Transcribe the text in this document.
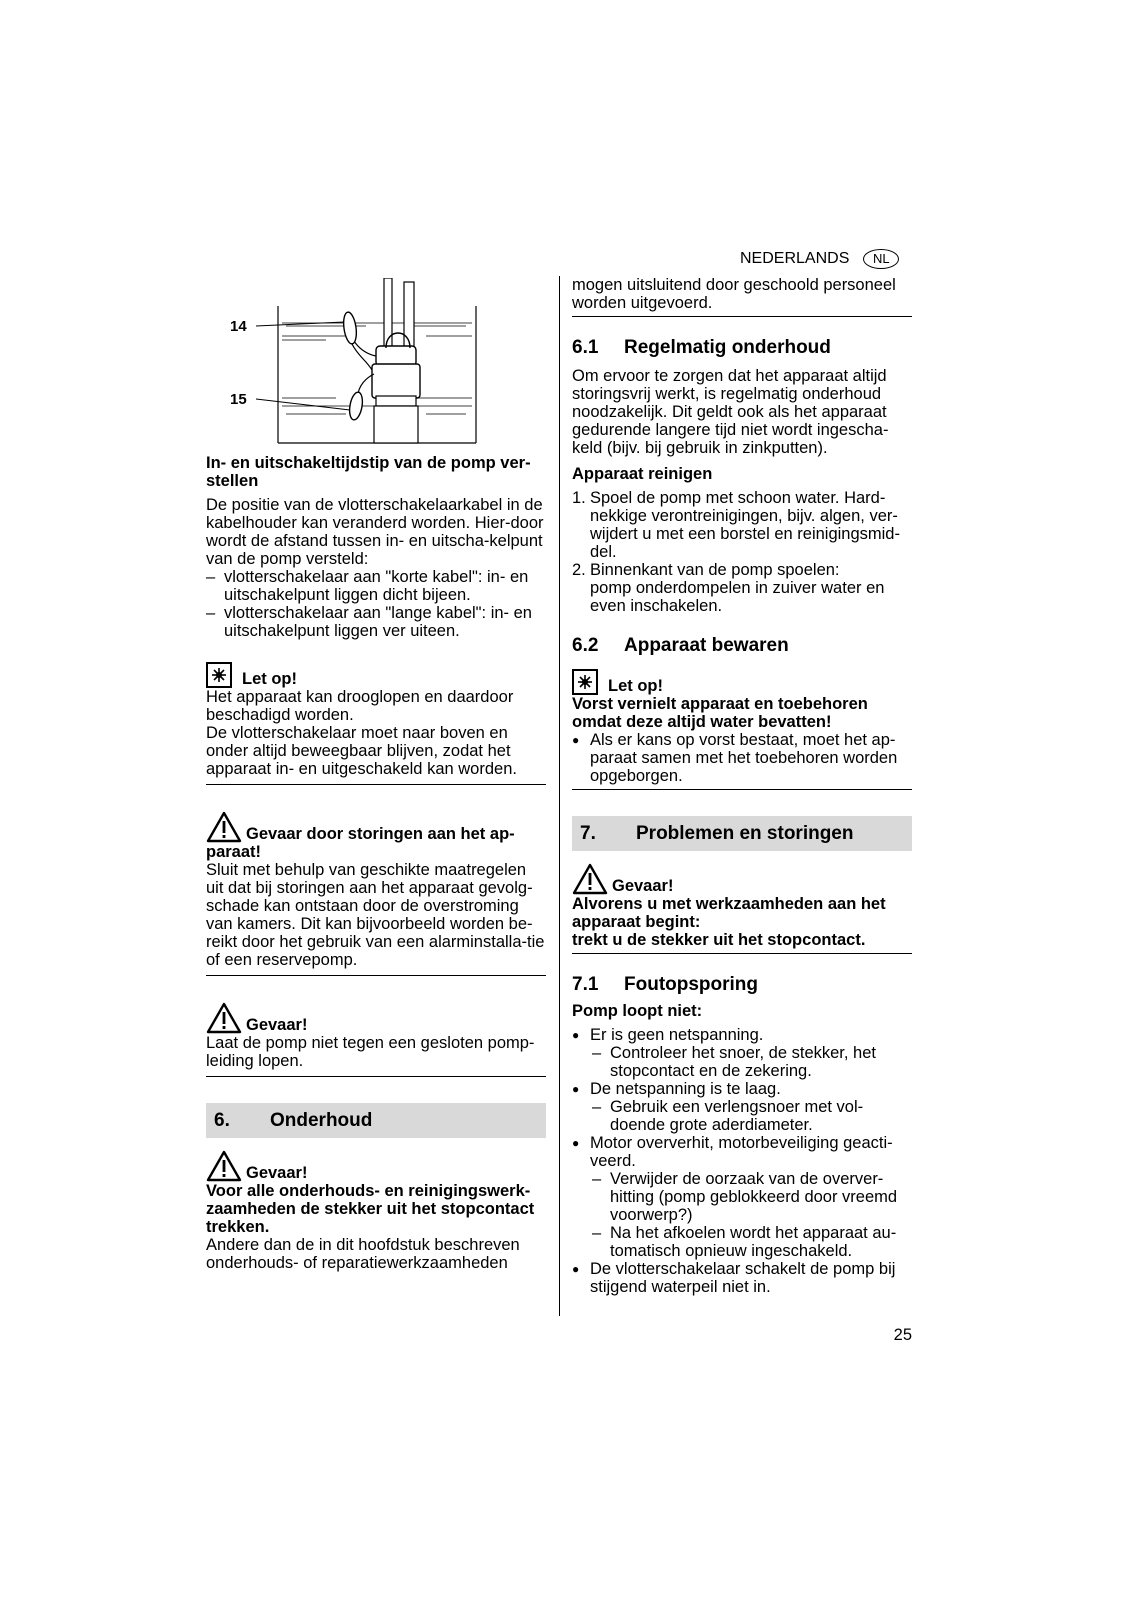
NEDERLANDS	NL
14
15
In- en uitschakeltijdstip van de pomp ver-
stellen
De positie van de vlotterschakelaarkabel in de kabelhouder kan veranderd worden. Hier-door wordt de afstand tussen in- en uitscha-kelpunt van de pomp versteld:
– vlotterschakelaar aan "korte kabel": in- en uitschakelpunt liggen dicht bijeen.
– vlotterschakelaar aan "lange kabel": in- en uitschakelpunt liggen ver uiteen.
Let op!
Het apparaat kan drooglopen en daardoor beschadigd worden.
De vlotterschakelaar moet naar boven en onder altijd beweegbaar blijven, zodat het apparaat in- en uitgeschakeld kan worden.
Gevaar door storingen aan het ap-paraat!
Sluit met behulp van geschikte maatregelen uit dat bij storingen aan het apparaat gevolg-schade kan ontstaan door de overstroming van kamers. Dit kan bijvoorbeeld worden be-reikt door het gebruik van een alarminstalla-tie of een reservepomp.
Gevaar!
Laat de pomp niet tegen een gesloten pomp-leiding lopen.
6.	Onderhoud
Gevaar!
Voor alle onderhouds- en reinigingswerk-zaamheden de stekker uit het stopcontact trekken.
Andere dan de in dit hoofdstuk beschreven onderhouds- of reparatiewerkzaamheden
mogen uitsluitend door geschoold personeel worden uitgevoerd.
6.1	Regelmatig onderhoud
Om ervoor te zorgen dat het apparaat altijd storingsvrij werkt, is regelmatig onderhoud noodzakelijk. Dit geldt ook als het apparaat gedurende langere tijd niet wordt ingescha-keld (bijv. bij gebruik in zinkputten).
Apparaat reinigen
1. Spoel de pomp met schoon water. Hard-nekkige verontreinigingen, bijv. algen, ver-wijdert u met een borstel en reinigingsmid-del.
2. Binnenkant van de pomp spoelen:
pomp onderdompelen in zuiver water en even inschakelen.
6.2	Apparaat bewaren
Let op!
Vorst vernielt apparaat en toebehoren omdat deze altijd water bevatten!
● Als er kans op vorst bestaat, moet het ap-paraat samen met het toebehoren worden opgeborgen.
7.	Problemen en storingen
Gevaar!
Alvorens u met werkzaamheden aan het apparaat begint:
trekt u de stekker uit het stopcontact.
7.1	Foutopsporing
Pomp loopt niet:
● Er is geen netspanning.
– Controleer het snoer, de stekker, het stopcontact en de zekering.
● De netspanning is te laag.
– Gebruik een verlengsnoer met vol-doende grote aderdiameter.
● Motor oververhit, motorbeveiliging geacti-veerd.
– Verwijder de oorzaak van de overver-hitting (pomp geblokkeerd door vreemd voorwerp?)
– Na het afkoelen wordt het apparaat au-tomatisch opnieuw ingeschakeld.
● De vlotterschakelaar schakelt de pomp bij stijgend waterpeil niet in.
25
